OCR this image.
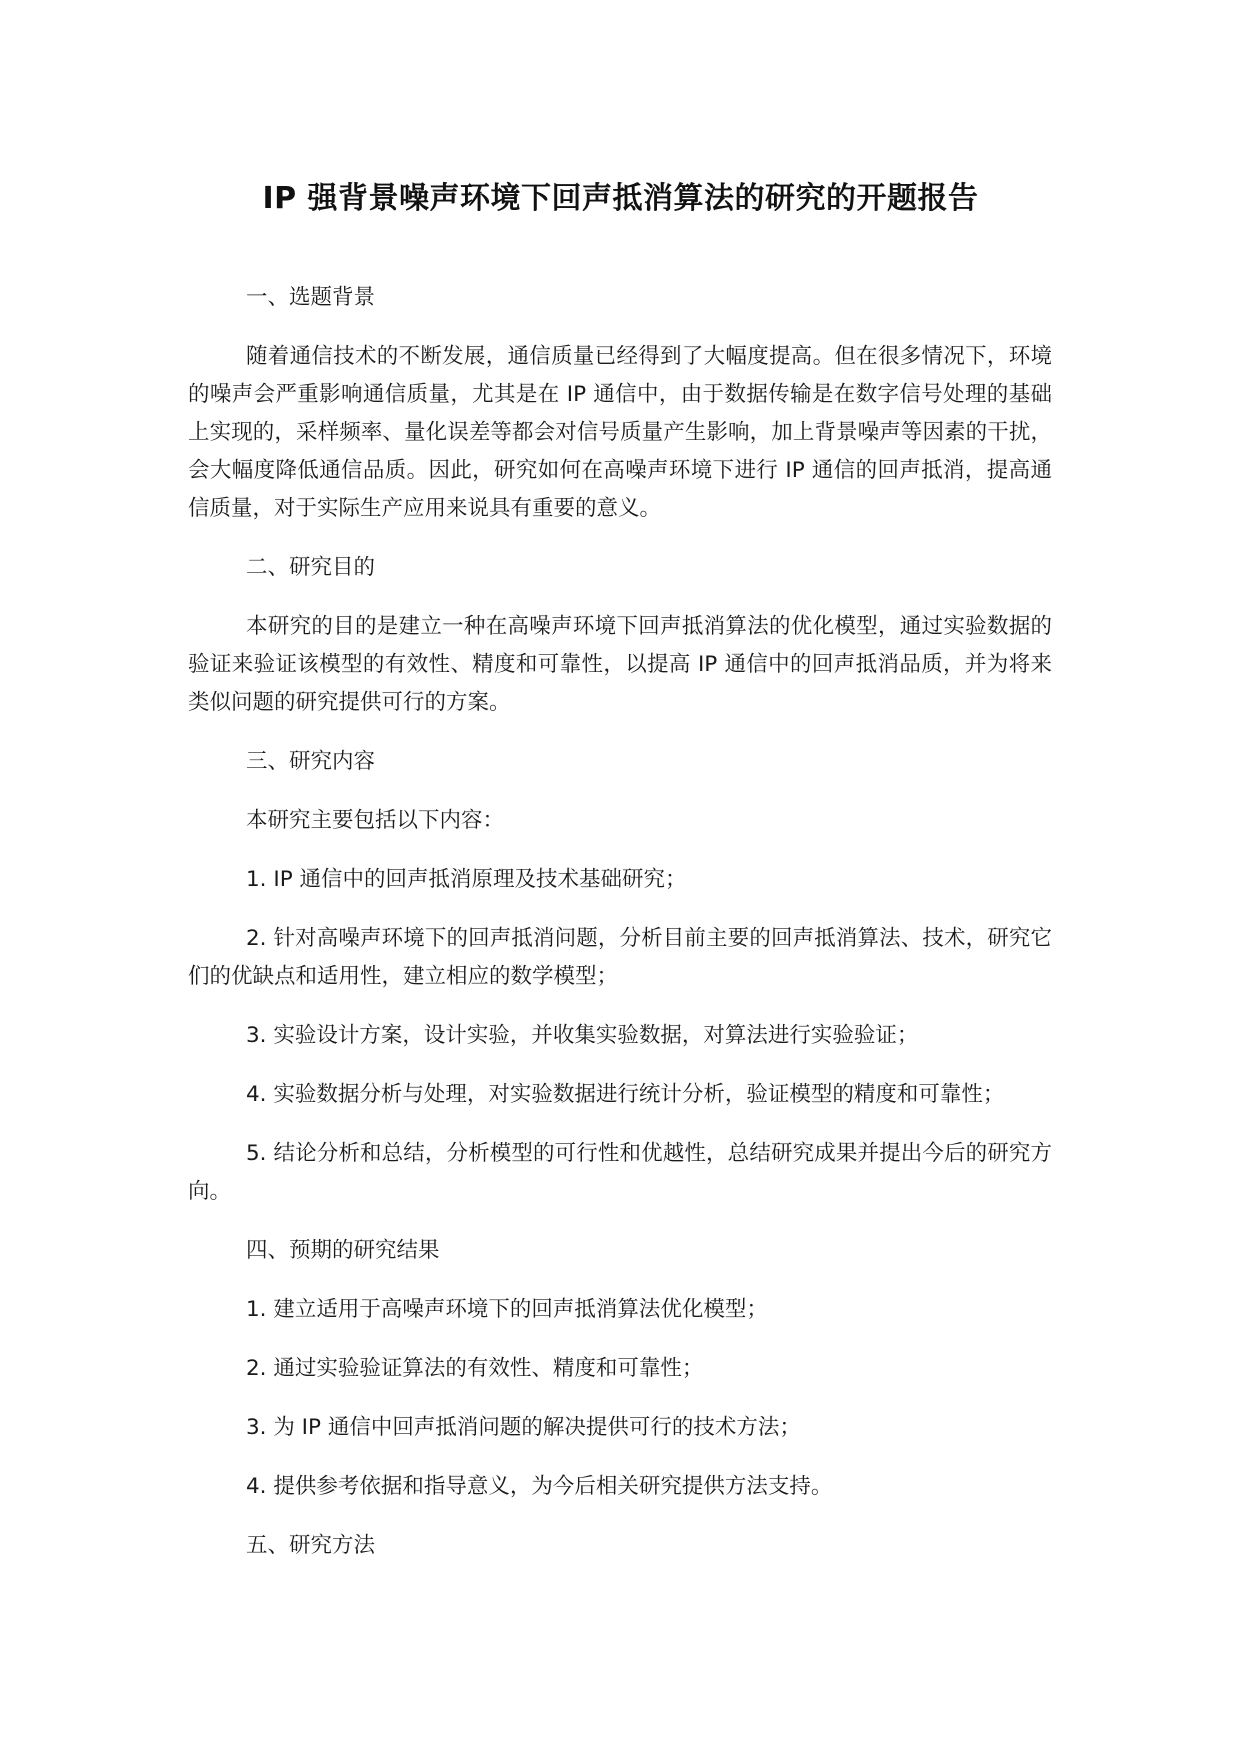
IP 强背景噪声环境下回声抵消算法的研究的开题报告

一、选题背景

随着通信技术的不断发展，通信质量已经得到了大幅度提高。但在很多情况下，环境的噪声会严重影响通信质量，尤其是在 IP 通信中，由于数据传输是在数字信号处理的基础上实现的，采样频率、量化误差等都会对信号质量产生影响，加上背景噪声等因素的干扰，会大幅度降低通信品质。因此，研究如何在高噪声环境下进行 IP 通信的回声抵消，提高通信质量，对于实际生产应用来说具有重要的意义。

二、研究目的

本研究的目的是建立一种在高噪声环境下回声抵消算法的优化模型，通过实验数据的验证来验证该模型的有效性、精度和可靠性，以提高 IP 通信中的回声抵消品质，并为将来类似问题的研究提供可行的方案。

三、研究内容

本研究主要包括以下内容：

1. IP 通信中的回声抵消原理及技术基础研究；

2. 针对高噪声环境下的回声抵消问题，分析目前主要的回声抵消算法、技术，研究它们的优缺点和适用性，建立相应的数学模型；

3. 实验设计方案，设计实验，并收集实验数据，对算法进行实验验证；

4. 实验数据分析与处理，对实验数据进行统计分析，验证模型的精度和可靠性；

5. 结论分析和总结，分析模型的可行性和优越性，总结研究成果并提出今后的研究方向。

四、预期的研究结果

1. 建立适用于高噪声环境下的回声抵消算法优化模型；

2. 通过实验验证算法的有效性、精度和可靠性；

3. 为 IP 通信中回声抵消问题的解决提供可行的技术方法；

4. 提供参考依据和指导意义，为今后相关研究提供方法支持。

五、研究方法
